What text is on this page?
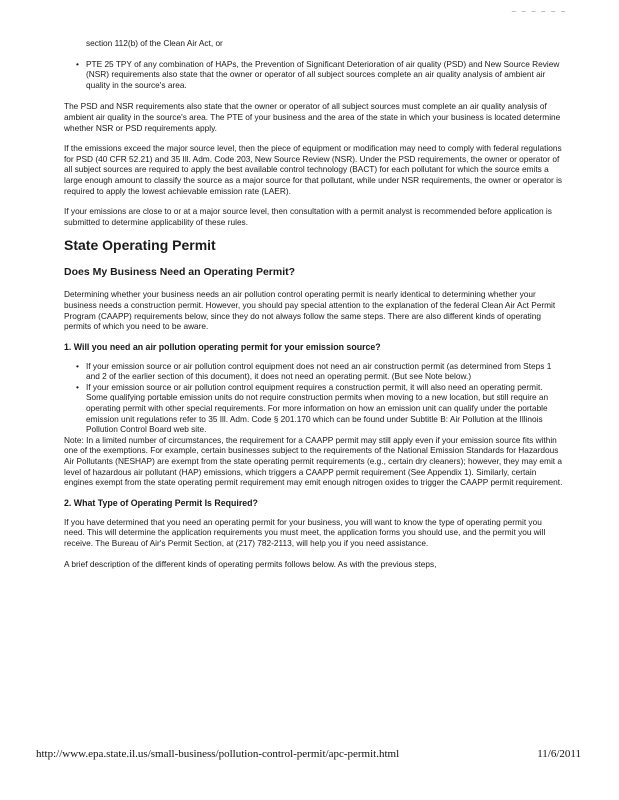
_ _ _ _ _ _

section 112(b) of the Clean Air Act, or

• PTE 25 TPY of any combination of HAPs, the Prevention of Significant Deterioration of air quality (PSD) and New Source Review (NSR) requirements also state that the owner or operator of all subject sources complete an air quality analysis of ambient air quality in the source's area.

The PSD and NSR requirements also state that the owner or operator of all subject sources must complete an air quality analysis of ambient air quality in the source's area. The PTE of your business and the area of the state in which your business is located determine whether NSR or PSD requirements apply.

If the emissions exceed the major source level, then the piece of equipment or modification may need to comply with federal regulations for PSD (40 CFR 52.21) and 35 Ill. Adm. Code 203, New Source Review (NSR). Under the PSD requirements, the owner or operator of all subject sources are required to apply the best available control technology (BACT) for each pollutant for which the source emits a large enough amount to classify the source as a major source for that pollutant, while under NSR requirements, the owner or operator is required to apply the lowest achievable emission rate (LAER).

If your emissions are close to or at a major source level, then consultation with a permit analyst is recommended before application is submitted to determine applicability of these rules.

State Operating Permit
Does My Business Need an Operating Permit?

Determining whether your business needs an air pollution control operating permit is nearly identical to determining whether your business needs a construction permit. However, you should pay special attention to the explanation of the federal Clean Air Act Permit Program (CAAPP) requirements below, since they do not always follow the same steps. There are also different kinds of operating permits of which you need to be aware.

1. Will you need an air pollution operating permit for your emission source?
• If your emission source or air pollution control equipment does not need an air construction permit (as determined from Steps 1 and 2 of the earlier section of this document), it does not need an operating permit. (But see Note below.)
• If your emission source or air pollution control equipment requires a construction permit, it will also need an operating permit. Some qualifying portable emission units do not require construction permits when moving to a new location, but still require an operating permit with other special requirements. For more information on how an emission unit can qualify under the portable emission unit regulations refer to 35 Ill. Adm. Code § 201.170 which can be found under Subtitle B: Air Pollution at the Illinois Pollution Control Board web site.

Note: In a limited number of circumstances, the requirement for a CAAPP permit may still apply even if your emission source fits within one of the exemptions. For example, certain businesses subject to the requirements of the National Emission Standards for Hazardous Air Pollutants (NESHAP) are exempt from the state operating permit requirements (e.g., certain dry cleaners); however, they may emit a level of hazardous air pollutant (HAP) emissions, which triggers a CAAPP permit requirement (See Appendix 1). Similarly, certain engines exempt from the state operating permit requirement may emit enough nitrogen oxides to trigger the CAAPP permit requirement.

2. What Type of Operating Permit Is Required?

If you have determined that you need an operating permit for your business, you will want to know the type of operating permit you need. This will determine the application requirements you must meet, the application forms you should use, and the permit you will receive. The Bureau of Air's Permit Section, at (217) 782-2113, will help you if you need assistance.

A brief description of the different kinds of operating permits follows below. As with the previous steps,

http://www.epa.state.il.us/small-business/pollution-control-permit/apc-permit.html	11/6/2011
